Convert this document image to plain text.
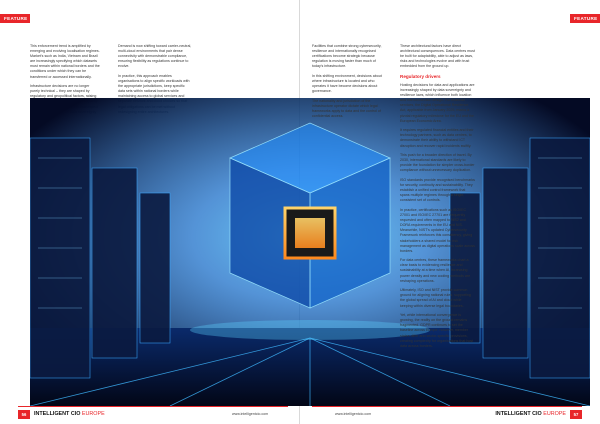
FEATURE	FEATURE

This enforcement trend is amplified by emerging and evolving localisation regimes. Market's such as India, Vietnam and Brazil are increasingly specifying which datasets must remain within national borders and the conditions under which they can be transferred or accessed internationally.

Infrastructure decisions are no longer purely technical – they are shaped by regulatory and geopolitical factors, raising

Demand is now shifting toward carrier-neutral, multi-cloud environments that pair dense connectivity with demonstrable compliance, ensuring flexibility as regulations continue to evolve.

In practice, this approach enables organisations to align specific workloads with the appropriate jurisdictions, keep specific data sets within national borders while maintaining access to global services and

Facilities that combine strong cybersecurity, resilience and internationally recognised certifications become strategic because regulation is moving faster than much of today's infrastructure.

In this shifting environment, decisions about where infrastructure is located and who operates it have become decisions about governance.

The nationality and jurisdiction of the infrastructure operator dictate which legal frameworks apply to data and the control of confidential access.

These architectural factors have direct architectural consequences. Data centres must be built for adaptability, able to adjust as laws, risks and technologies evolve and with trust embedded from the ground up.

Regulatory drivers

Hosting decisions for data and applications are increasingly shaped by data sovereignty and resilience laws, which influence both location and interconnection design. For financial services, the Digital Operational Resilience Act, applicable from January 2025, marks a pivotal regulatory milestone for the EU and the European Economic Area.

It requires regulated financial entities and their technology partners, such as data centres, to demonstrate their ability to withstand ICT disruption and recover rapid incidents swiftly.

This push for a broader direction of travel. By 2030, international standards are likely to provide the foundation for simpler cross-border compliance without unnecessary duplication.

ISO standards provide recognised benchmarks for security, continuity and sustainability. They establish a unified control framework that spans multiple regimes through a single, consistent set of controls.

In practice, certifications such as ISO/IEC 27001 and ISO/IEC 27701 are frequently requested and often mapped to NIS2 and DORA requirements in the EU and NIS. Meanwhile, NIST's updated Cybersecurity Framework reinforces this consistency, giving stakeholders a shared model for risk management as digital operations scale across borders.

For data centres, these frameworks chart a clear basis to evidencing resilience and sustainability at a time when AI, increasing power density and new cooling methods are reshaping operations.

Ultimately, ISO and NIST provide common ground for aligning national rules, supporting the global spread of AI and cloud while keeping within diverse legal boundaries.

Yet, while international convergence is growing, the reality on the ground remains fragmented. GDPR continues to set the baseline across Europe, however, member states differ and sector-specific provisions, creating complexity for organisations that host data across borders.

56	INTELLIGENT CIO EUROPE	www.intelligentcio.com	www.intelligentcio.com	INTELLIGENT CIO EUROPE	57
